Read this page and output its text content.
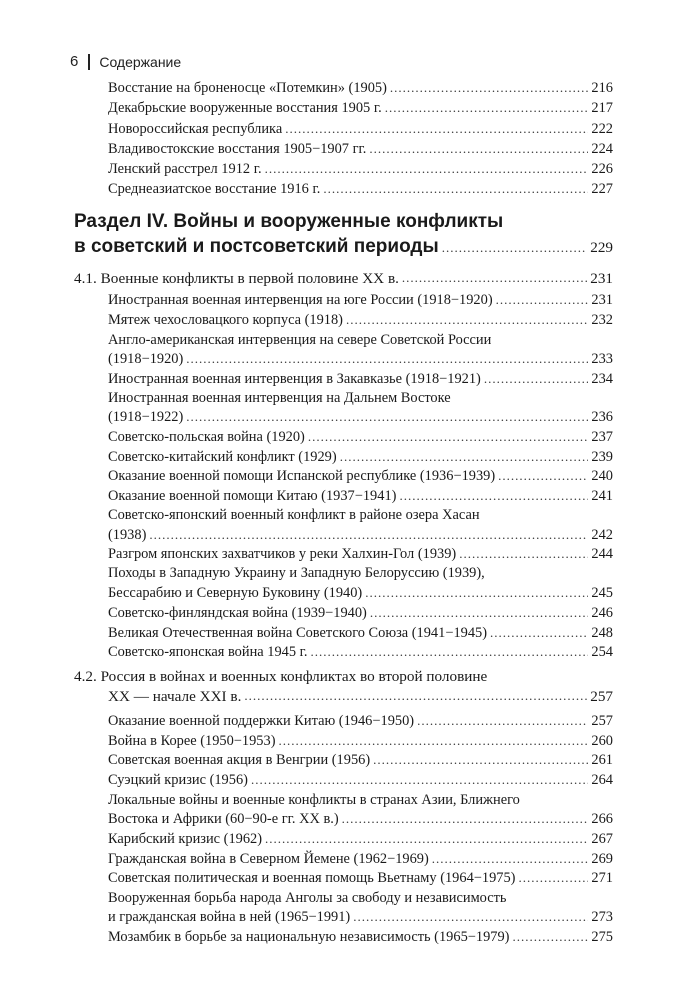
6 Содержание
Восстание на броненосце «Потемкин» (1905) .....	216
Декабрьские вооруженные восстания 1905 г. .....	217
Новороссийская республика .....	222
Владивостокские восстания 1905−1907 гг. .....	224
Ленский расстрел 1912 г. .....	226
Среднеазиатское восстание 1916 г. .....	227
Раздел IV. Войны и вооруженные конфликты
в советский и постсоветский периоды .....	229
4.1. Военные конфликты в первой половине XX в. .....	231
Иностранная военная интервенция на юге России (1918−1920) .....	231
Мятеж чехословацкого корпуса (1918) .....	232
Англо-американская интервенция на севере Советской России
(1918−1920) .....	233
Иностранная военная интервенция в Закавказье (1918−1921) .....	234
Иностранная военная интервенция на Дальнем Востоке
(1918−1922) .....	236
Советско-польская война (1920) .....	237
Советско-китайский конфликт (1929) .....	239
Оказание военной помощи Испанской республике (1936−1939) .....	240
Оказание военной помощи Китаю (1937−1941) .....	241
Советско-японский военный конфликт в районе озера Хасан
(1938) .....	242
Разгром японских захватчиков у реки Халхин-Гол (1939) .....	244
Походы в Западную Украину и Западную Белоруссию (1939),
Бессарабию и Северную Буковину (1940) .....	245
Советско-финляндская война (1939−1940) .....	246
Великая Отечественная война Советского Союза (1941−1945) .....	248
Советско-японская война 1945 г. .....	254
4.2. Россия в войнах и военных конфликтах во второй половине
XX — начале XXI в. .....	257
Оказание военной поддержки Китаю (1946−1950) .....	257
Война в Корее (1950−1953) .....	260
Советская военная акция в Венгрии (1956) .....	261
Суэцкий кризис (1956) .....	264
Локальные войны и военные конфликты в странах Азии, Ближнего
Востока и Африки (60−90-е гг. XX в.) .....	266
Карибский кризис (1962) .....	267
Гражданская война в Северном Йемене (1962−1969) .....	269
Советская политическая и военная помощь Вьетнаму (1964−1975) .....	271
Вооруженная борьба народа Анголы за свободу и независимость
и гражданская война в ней (1965−1991) .....	273
Мозамбик в борьбе за национальную независимость (1965−1979) .....	275
